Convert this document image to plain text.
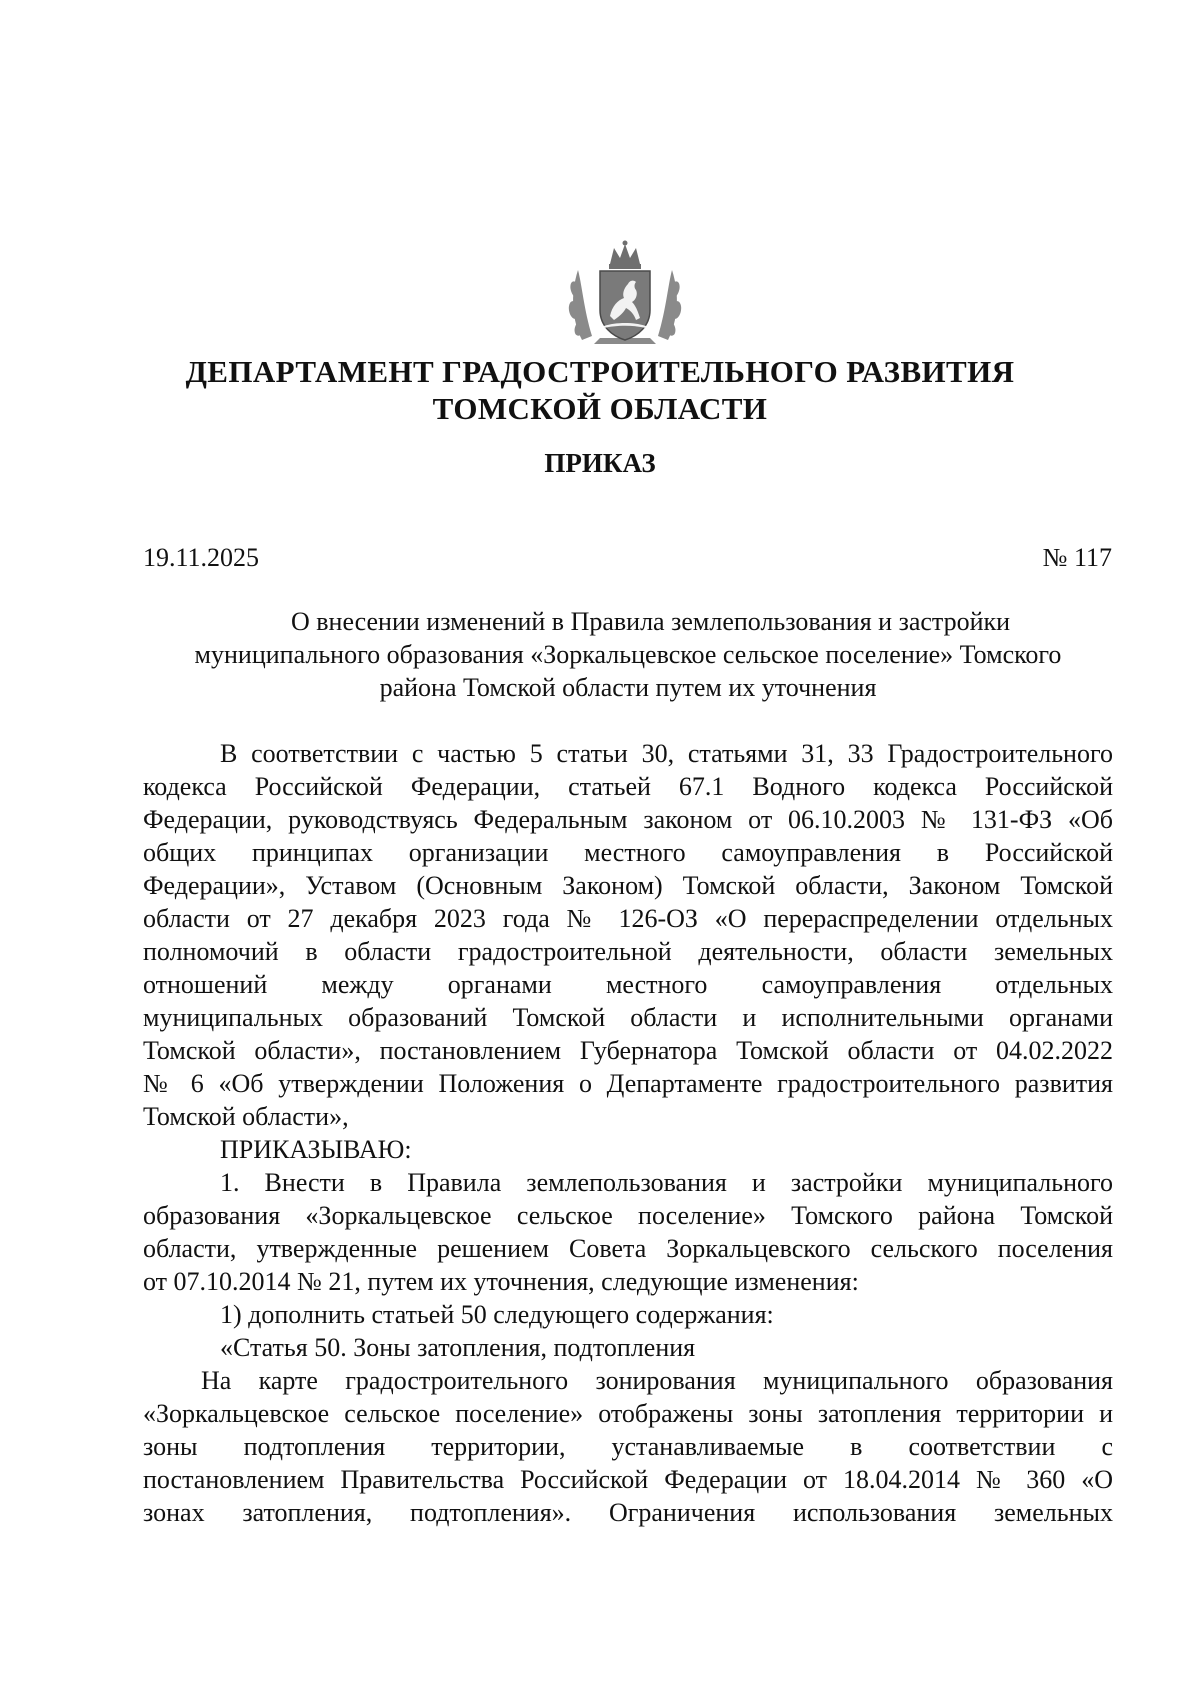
ДЕПАРТАМЕНТ ГРАДОСТРОИТЕЛЬНОГО РАЗВИТИЯ
ТОМСКОЙ ОБЛАСТИ
ПРИКАЗ
19.11.2025	№ 117
О внесении изменений в Правила землепользования и застройки
муниципального образования «Зоркальцевское сельское поселение» Томского
района Томской области путем их уточнения
В соответствии с частью 5 статьи 30, статьями 31, 33 Градостроительного
кодекса Российской Федерации, статьей 67.1 Водного кодекса Российской
Федерации, руководствуясь Федеральным законом от 06.10.2003 № 131-ФЗ «Об
общих принципах организации местного самоуправления в Российской
Федерации», Уставом (Основным Законом) Томской области, Законом Томской
области от 27 декабря 2023 года № 126-ОЗ «О перераспределении отдельных
полномочий в области градостроительной деятельности, области земельных
отношений между органами местного самоуправления отдельных
муниципальных образований Томской области и исполнительными органами
Томской области», постановлением Губернатора Томской области от 04.02.2022
№ 6 «Об утверждении Положения о Департаменте градостроительного развития
Томской области»,
ПРИКАЗЫВАЮ:
1. Внести в Правила землепользования и застройки муниципального
образования «Зоркальцевское сельское поселение» Томского района Томской
области, утвержденные решением Совета Зоркальцевского сельского поселения
от 07.10.2014 № 21, путем их уточнения, следующие изменения:
1) дополнить статьей 50 следующего содержания:
«Статья 50. Зоны затопления, подтопления
На карте градостроительного зонирования муниципального образования
«Зоркальцевское сельское поселение» отображены зоны затопления территории и
зоны подтопления территории, устанавливаемые в соответствии с
постановлением Правительства Российской Федерации от 18.04.2014 № 360 «О
зонах затопления, подтопления». Ограничения использования земельных
